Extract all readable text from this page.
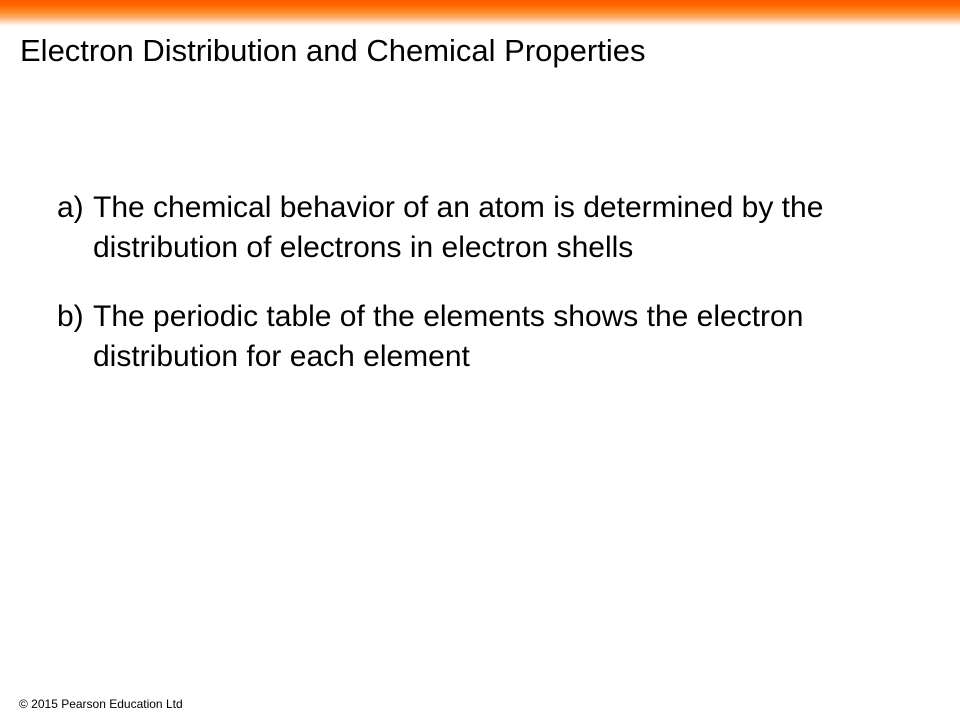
Electron Distribution and Chemical Properties
a) The chemical behavior of an atom is determined by the distribution of electrons in electron shells
b) The periodic table of the elements shows the electron distribution for each element
© 2015 Pearson Education Ltd
